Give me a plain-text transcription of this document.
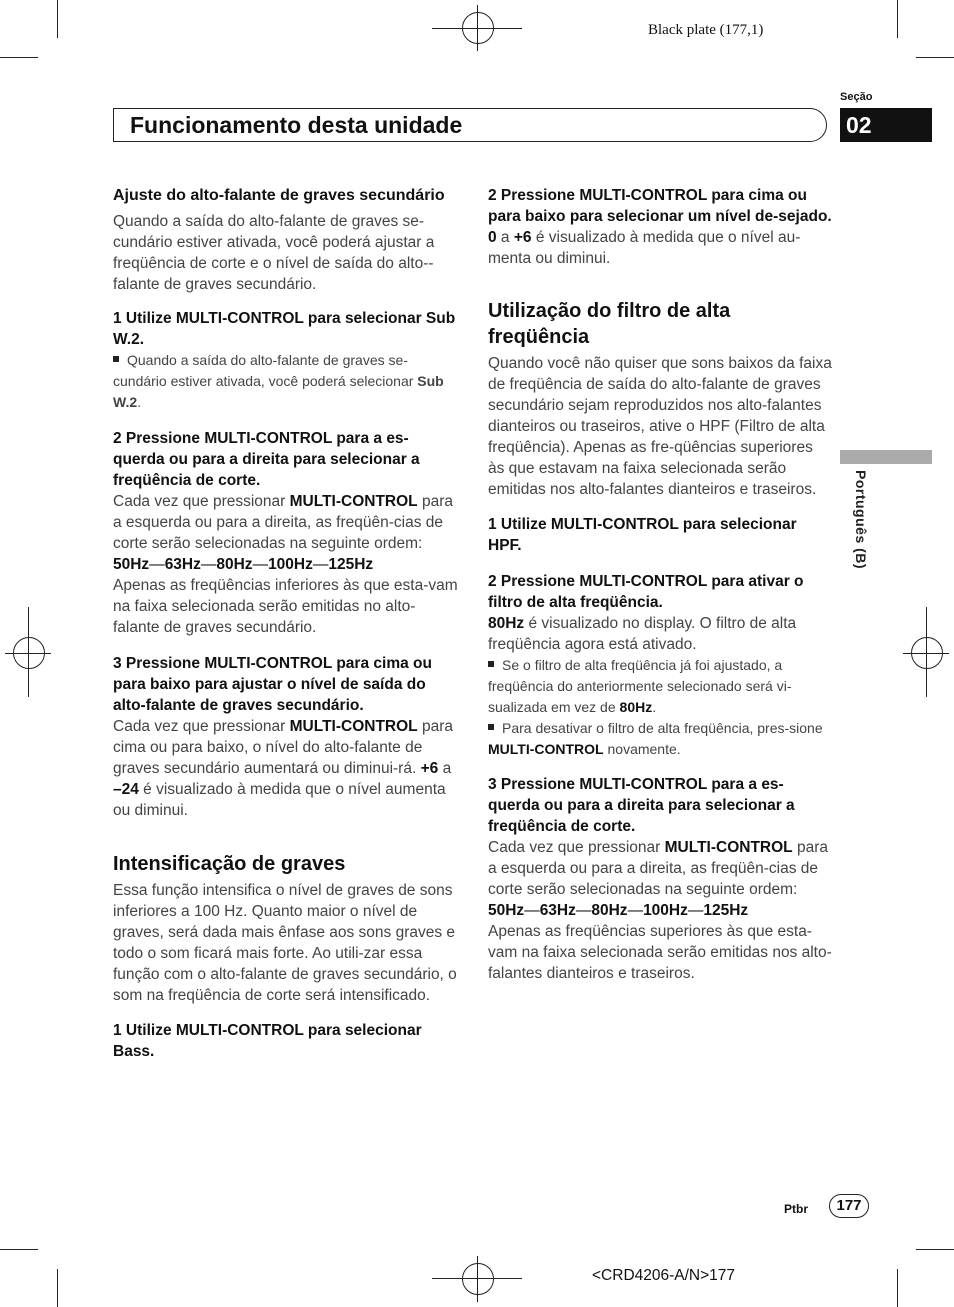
Black plate (177,1)
Seção
Funcionamento desta unidade	02
Português (B)

Ajuste do alto-falante de graves secundário

Quando a saída do alto-falante de graves se-cundário estiver ativada, você poderá ajustar a freqüência de corte e o nível de saída do alto--falante de graves secundário.

1 Utilize MULTI-CONTROL para selecionar Sub W.2.

Quando a saída do alto-falante de graves se-cundário estiver ativada, você poderá selecionar Sub W.2.

2 Pressione MULTI-CONTROL para a es-querda ou para a direita para selecionar a freqüência de corte.

Cada vez que pressionar MULTI-CONTROL para a esquerda ou para a direita, as freqüên-cias de corte serão selecionadas na seguinte ordem:

50Hz—63Hz—80Hz—100Hz—125Hz

Apenas as freqüências inferiores às que esta-vam na faixa selecionada serão emitidas no alto-falante de graves secundário.

3 Pressione MULTI-CONTROL para cima ou para baixo para ajustar o nível de saída do alto-falante de graves secundário.

Cada vez que pressionar MULTI-CONTROL para cima ou para baixo, o nível do alto-falante de graves secundário aumentará ou diminui-rá. +6 a –24 é visualizado à medida que o nível aumenta ou diminui.

Intensificação de graves

Essa função intensifica o nível de graves de sons inferiores a 100 Hz. Quanto maior o nível de graves, será dada mais ênfase aos sons graves e todo o som ficará mais forte. Ao utili-zar essa função com o alto-falante de graves secundário, o som na freqüência de corte será intensificado.

1 Utilize MULTI-CONTROL para selecionar Bass.

2 Pressione MULTI-CONTROL para cima ou para baixo para selecionar um nível de-sejado.

0 a +6 é visualizado à medida que o nível au-menta ou diminui.

Utilização do filtro de alta freqüência

Quando você não quiser que sons baixos da faixa de freqüência de saída do alto-falante de graves secundário sejam reproduzidos nos alto-falantes dianteiros ou traseiros, ative o HPF (Filtro de alta freqüência). Apenas as fre-qüências superiores às que estavam na faixa selecionada serão emitidas nos alto-falantes dianteiros e traseiros.

1 Utilize MULTI-CONTROL para selecionar HPF.

2 Pressione MULTI-CONTROL para ativar o filtro de alta freqüência.

80Hz é visualizado no display. O filtro de alta freqüência agora está ativado.

Se o filtro de alta freqüência já foi ajustado, a freqüência do anteriormente selecionado será vi-sualizada em vez de 80Hz.

Para desativar o filtro de alta freqüência, pres-sione MULTI-CONTROL novamente.

3 Pressione MULTI-CONTROL para a es-querda ou para a direita para selecionar a freqüência de corte.

Cada vez que pressionar MULTI-CONTROL para a esquerda ou para a direita, as freqüên-cias de corte serão selecionadas na seguinte ordem:

50Hz—63Hz—80Hz—100Hz—125Hz

Apenas as freqüências superiores às que esta-vam na faixa selecionada serão emitidas nos alto-falantes dianteiros e traseiros.

Ptbr	177
<CRD4206-A/N>177
